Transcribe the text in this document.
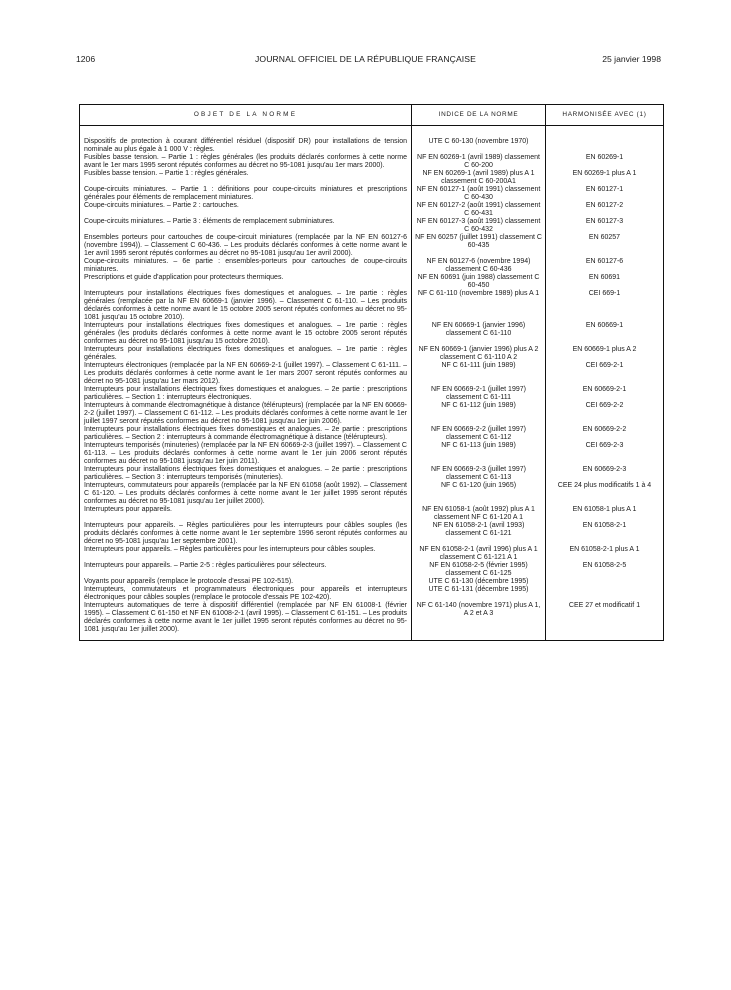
1206	JOURNAL OFFICIEL DE LA RÉPUBLIQUE FRANÇAISE	25 janvier 1998
OBJET DE LA NORME	INDICE DE LA NORME	HARMONISÉE AVEC (1)

Dispositifs de protection à courant différentiel résiduel (dispositif DR) pour installations de tension nominale au plus égale à 1 000 V : règles.	UTE C 60-130 (novembre 1970)	
Fusibles basse tension. – Partie 1 : règles générales (les produits déclarés conformes à cette norme avant le 1er mars 1995 seront réputés conformes au décret no 95-1081 jusqu'au 1er mars 2000).	NF EN 60269-1 (avril 1989) classement C 60-200	EN 60269-1
Fusibles basse tension. – Partie 1 : règles générales.	NF EN 60269-1 (avril 1989) plus A 1 classement C 60-200A1	EN 60269-1 plus A 1
Coupe-circuits miniatures. – Partie 1 : définitions pour coupe-circuits miniatures et prescriptions générales pour éléments de remplacement miniatures.	NF EN 60127-1 (août 1991) classement C 60-430	EN 60127-1
Coupe-circuits miniatures. – Partie 2 : cartouches.	NF EN 60127-2 (août 1991) classement C 60-431	EN 60127-2
Coupe-circuits miniatures. – Partie 3 : éléments de remplacement subminiatures.	NF EN 60127-3 (août 1991) classement C 60-432	EN 60127-3
Ensembles porteurs pour cartouches de coupe-circuit miniatures (remplacée par la NF EN 60127-6 (novembre 1994)). – Classement C 60-436. – Les produits déclarés conformes à cette norme avant le 1er avril 1995 seront réputés conformes au décret no 95-1081 jusqu'au 1er avril 2000).	NF EN 60257 (juillet 1991) classement C 60-435	EN 60257
Coupe-circuits miniatures. – 6e partie : ensembles-porteurs pour cartouches de coupe-circuits miniatures.	NF EN 60127-6 (novembre 1994) classement C 60-436	EN 60127-6
Prescriptions et guide d'application pour protecteurs thermiques.	NF EN 60691 (juin 1988) classement C 60-450	EN 60691
Interrupteurs pour installations électriques fixes domestiques et analogues. – 1re partie : règles générales (remplacée par la NF EN 60669-1 (janvier 1996). – Classement C 61-110. – Les produits déclarés conformes à cette norme avant le 15 octobre 2005 seront réputés conformes au décret no 95-1081 jusqu'au 15 octobre 2010).	NF C 61-110 (novembre 1989) plus A 1	CEI 669-1
Interrupteurs pour installations électriques fixes domestiques et analogues. – 1re partie : règles générales (les produits déclarés conformes à cette norme avant le 15 octobre 2005 seront réputés conformes au décret no 95-1081 jusqu'au 15 octobre 2010).	NF EN 60669-1 (janvier 1996) classement C 61-110	EN 60669-1
Interrupteurs pour installations électriques fixes domestiques et analogues. – 1re partie : règles générales.	NF EN 60669-1 (janvier 1996) plus A 2 classement C 61-110 A 2	EN 60669-1 plus A 2
Interrupteurs électroniques (remplacée par la NF EN 60669-2-1 (juillet 1997). – Classement C 61-111. – Les produits déclarés conformes à cette norme avant le 1er mars 2007 seront réputés conformes au décret no 95-1081 jusqu'au 1er mars 2012).	NF C 61-111 (juin 1989)	CEI 669-2-1
Interrupteurs pour installations électriques fixes domestiques et analogues. – 2e partie : prescriptions particulières. – Section 1 : interrupteurs électroniques.	NF EN 60669-2-1 (juillet 1997) classement C 61-111	EN 60669-2-1
Interrupteurs à commande électromagnétique à distance (télérupteurs) (remplacée par la NF EN 60669-2-2 (juillet 1997). – Classement C 61-112. – Les produits déclarés conformes à cette norme avant le 1er juillet 1997 seront réputés conformes au décret no 95-1081 jusqu'au 1er juin 2006).	NF C 61-112 (juin 1989)	CEI 669-2-2
Interrupteurs pour installations électriques fixes domestiques et analogues. – 2e partie : prescriptions particulières. – Section 2 : interrupteurs à commande électromagnétique à distance (télérupteurs).	NF EN 60669-2-2 (juillet 1997) classement C 61-112	EN 60669-2-2
Interrupteurs temporisés (minuteries) (remplacée par la NF EN 60669-2-3 (juillet 1997). – Classement C 61-113. – Les produits déclarés conformes à cette norme avant le 1er juin 2006 seront réputés conformes au décret no 95-1081 jusqu'au 1er juin 2011).	NF C 61-113 (juin 1989)	CEI 669-2-3
Interrupteurs pour installations électriques fixes domestiques et analogues. – 2e partie : prescriptions particulières. – Section 3 : interrupteurs temporisés (minuteries).	NF EN 60669-2-3 (juillet 1997) classement C 61-113	EN 60669-2-3
Interrupteurs, commutateurs pour appareils (remplacée par la NF EN 61058 (août 1992). – Classement C 61-120. – Les produits déclarés conformes à cette norme avant le 1er juillet 1995 seront réputés conformes au décret no 95-1081 jusqu'au 1er juillet 2000).	NF C 61-120 (juin 1965)	CEE 24 plus modificatifs 1 à 4
Interrupteurs pour appareils.	NF EN 61058-1 (août 1992) plus A 1 classement NF C 61-120 A 1	EN 61058-1 plus A 1
Interrupteurs pour appareils. – Règles particulières pour les interrupteurs pour câbles souples (les produits déclarés conformes à cette norme avant le 1er septembre 1996 seront réputés conformes au décret no 95-1081 jusqu'au 1er septembre 2001).	NF EN 61058-2-1 (avril 1993) classement C 61-121	EN 61058-2-1
Interrupteurs pour appareils. – Règles particulières pour les interrupteurs pour câbles souples.	NF EN 61058-2-1 (avril 1996) plus A 1 classement C 61-121 A 1	EN 61058-2-1 plus A 1
Interrupteurs pour appareils. – Partie 2-5 : règles particulières pour sélecteurs.	NF EN 61058-2-5 (février 1995) classement C 61-125	EN 61058-2-5
Voyants pour appareils (remplace le protocole d'essai PE 102-515).	UTE C 61-130 (décembre 1995)	
Interrupteurs, commutateurs et programmateurs électroniques pour appareils et interrupteurs électroniques pour câbles souples (remplace le protocole d'essais PE 102-420).	UTE C 61-131 (décembre 1995)	
Interrupteurs automatiques de terre à dispositif différentiel (remplacée par NF EN 61008-1 (février 1995). – Classement C 61-150 et NF EN 61008-2-1 (avril 1995). – Classement C 61-151. – Les produits déclarés conformes à cette norme avant le 1er juillet 1995 seront réputés conformes au décret no 95-1081 jusqu'au 1er juillet 2000).	NF C 61-140 (novembre 1971) plus A 1, A 2 et A 3	CEE 27 et modificatif 1
